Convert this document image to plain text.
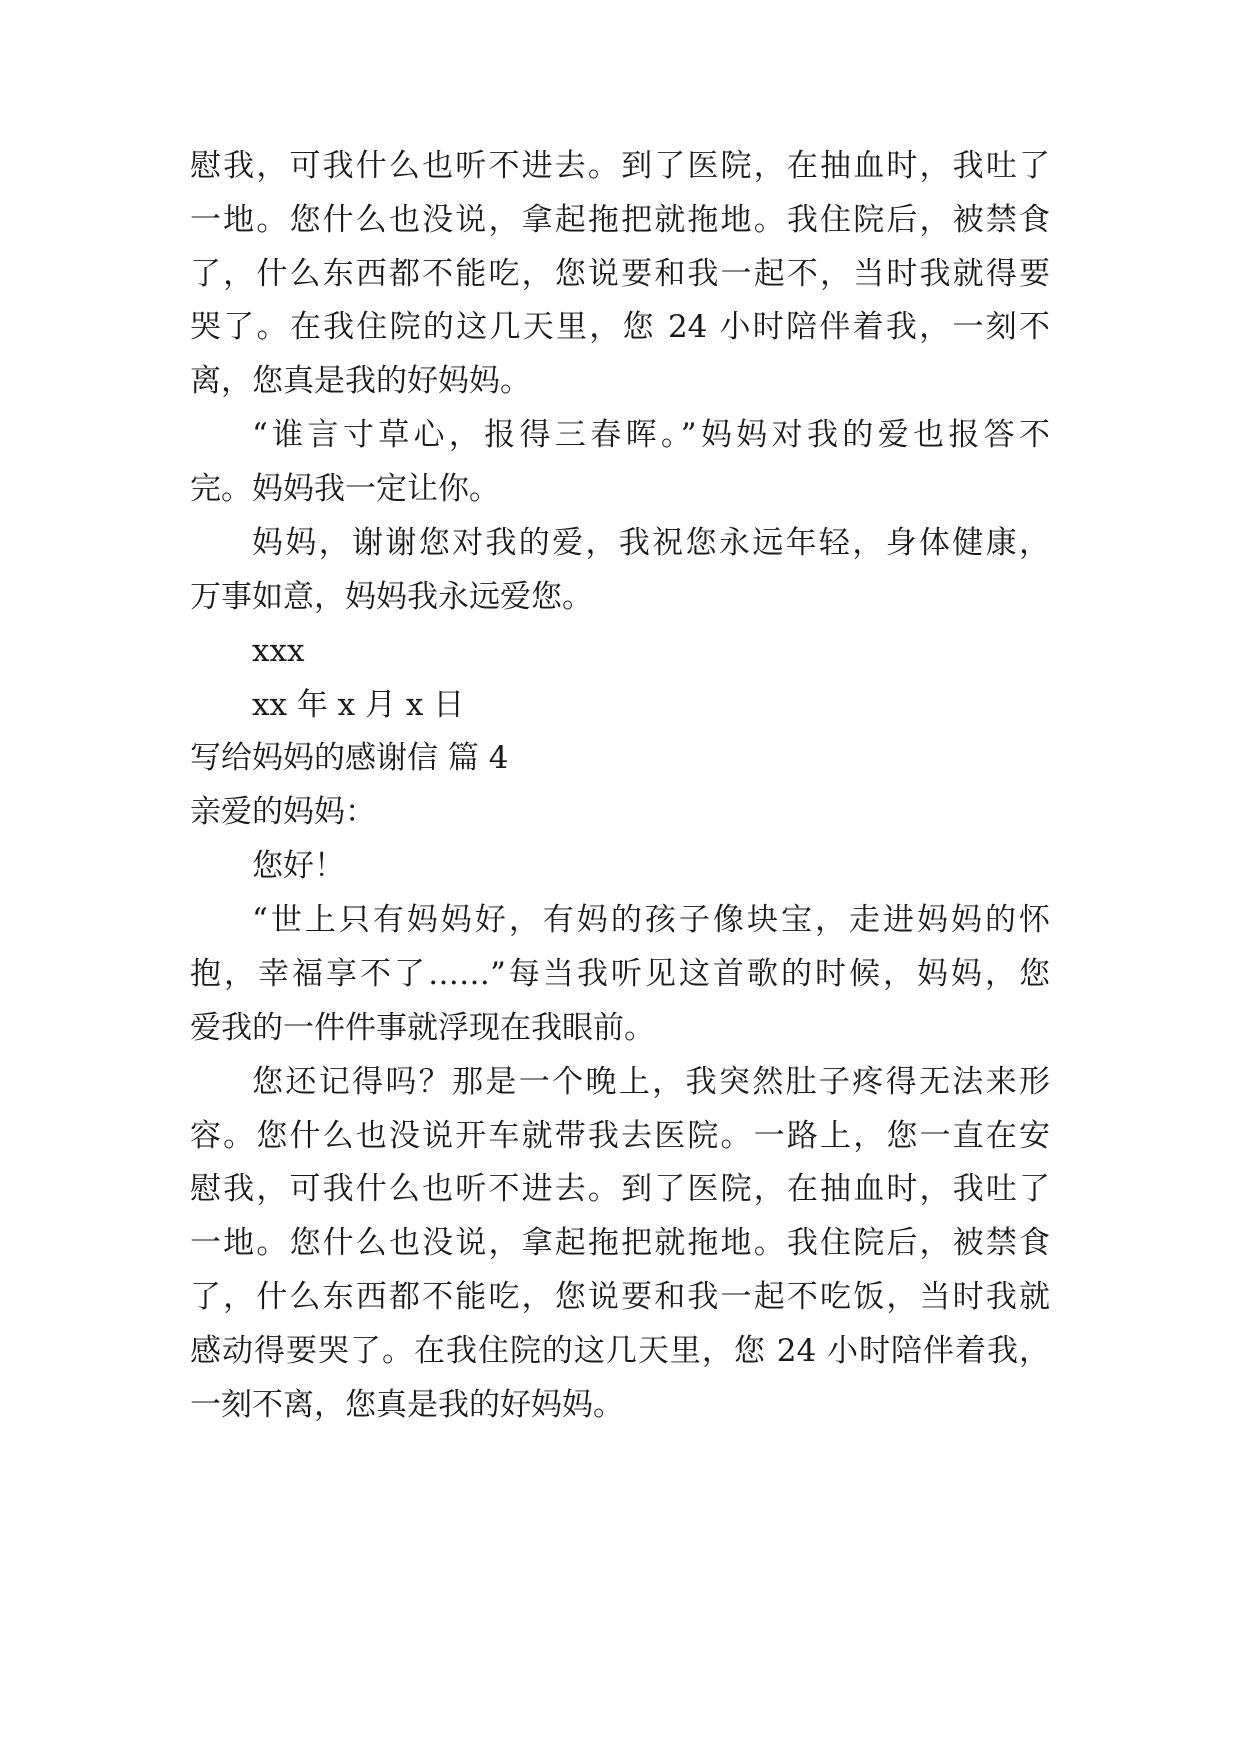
慰我，可我什么也听不进去。到了医院，在抽血时，我吐了
一地。您什么也没说，拿起拖把就拖地。我住院后，被禁食
了，什么东西都不能吃，您说要和我一起不，当时我就得要
哭了。在我住院的这几天里，您 24 小时陪伴着我，一刻不
离，您真是我的好妈妈。
“谁言寸草心，报得三春晖。”妈妈对我的爱也报答不
完。妈妈我一定让你。
妈妈，谢谢您对我的爱，我祝您永远年轻，身体健康，
万事如意，妈妈我永远爱您。
xxx
xx 年 x 月 x 日
写给妈妈的感谢信 篇 4
亲爱的妈妈：
您好！
“世上只有妈妈好，有妈的孩子像块宝，走进妈妈的怀
抱，幸福享不了……”每当我听见这首歌的时候，妈妈，您
爱我的一件件事就浮现在我眼前。
您还记得吗？那是一个晚上，我突然肚子疼得无法来形
容。您什么也没说开车就带我去医院。一路上，您一直在安
慰我，可我什么也听不进去。到了医院，在抽血时，我吐了
一地。您什么也没说，拿起拖把就拖地。我住院后，被禁食
了，什么东西都不能吃，您说要和我一起不吃饭，当时我就
感动得要哭了。在我住院的这几天里，您 24 小时陪伴着我，
一刻不离，您真是我的好妈妈。
